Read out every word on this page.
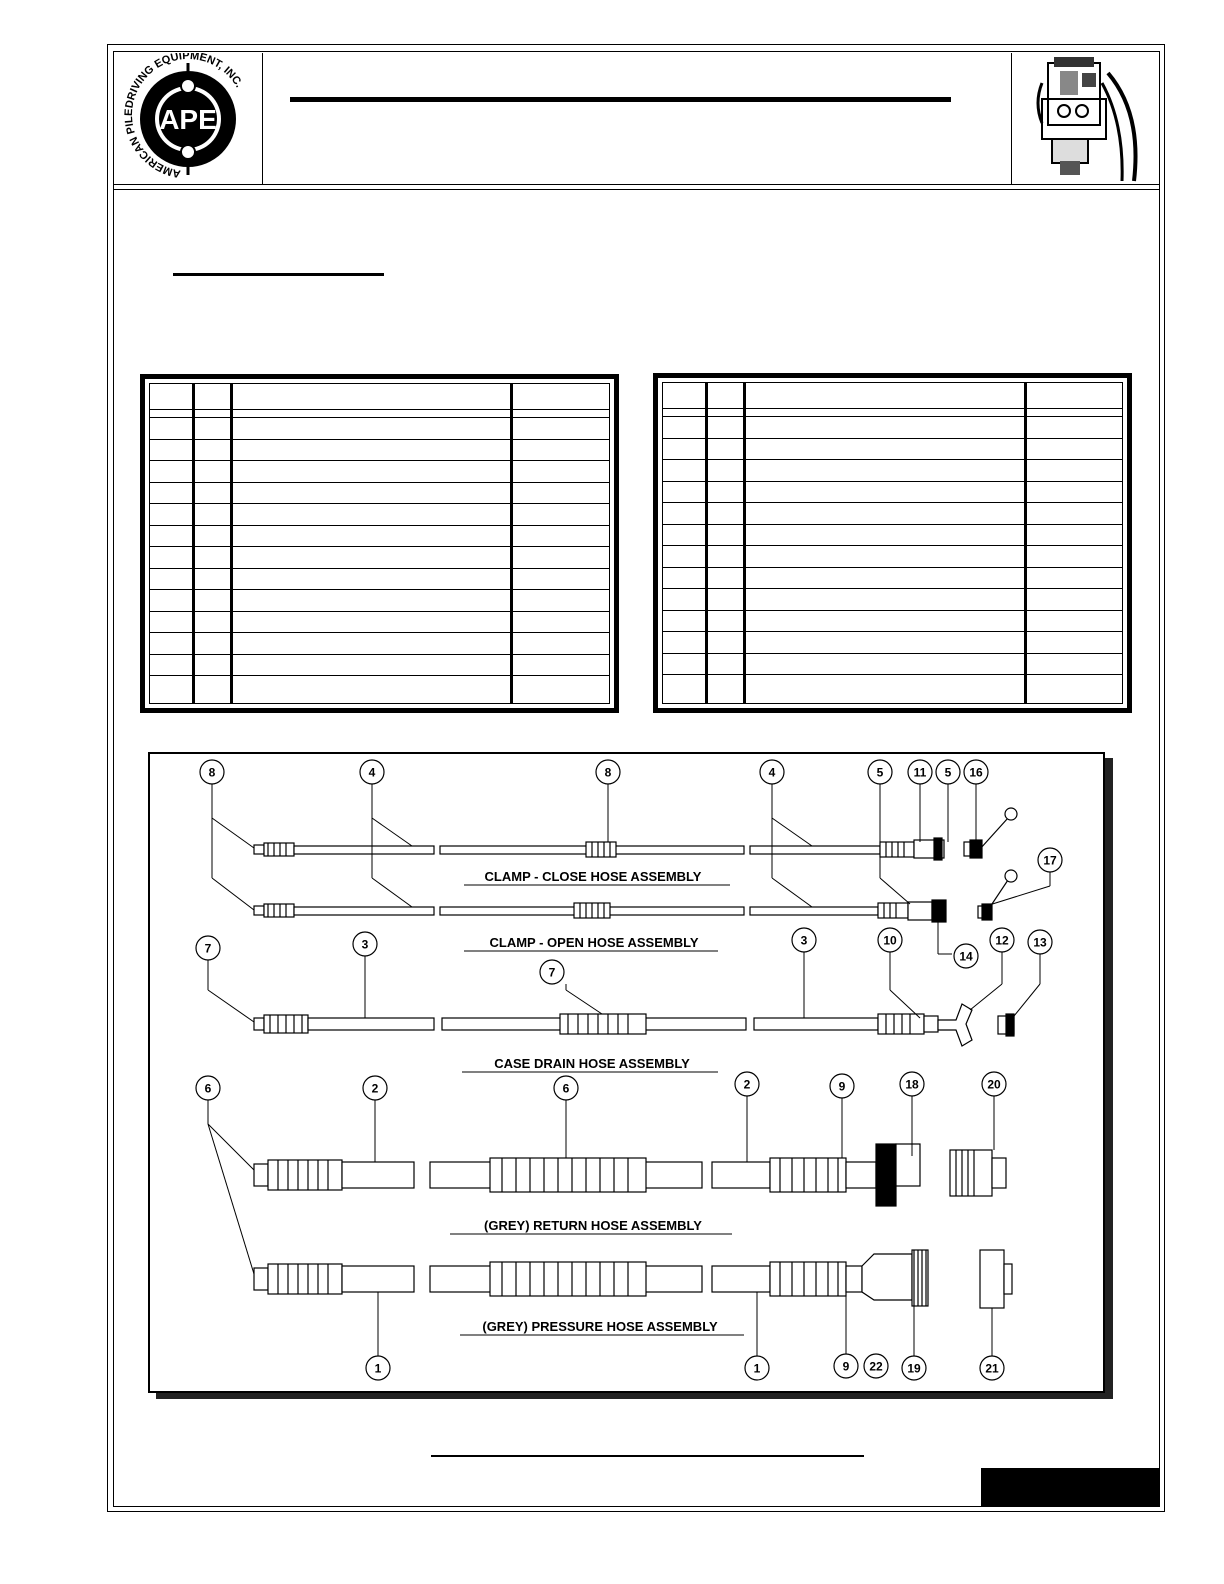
APE
AMERICAN PILEDRIVING EQUIPMENT, INC.
CLAMP - CLOSE HOSE ASSEMBLY
CLAMP - OPEN HOSE ASSEMBLY
CASE DRAIN HOSE ASSEMBLY
(GREY) RETURN HOSE ASSEMBLY
(GREY) PRESSURE HOSE ASSEMBLY
8	4	8	4	5	11 5 16
17
7	3
7
3	10
14
12 13
6	2	6	2	9	18	20
1	1	9 22 19	21
